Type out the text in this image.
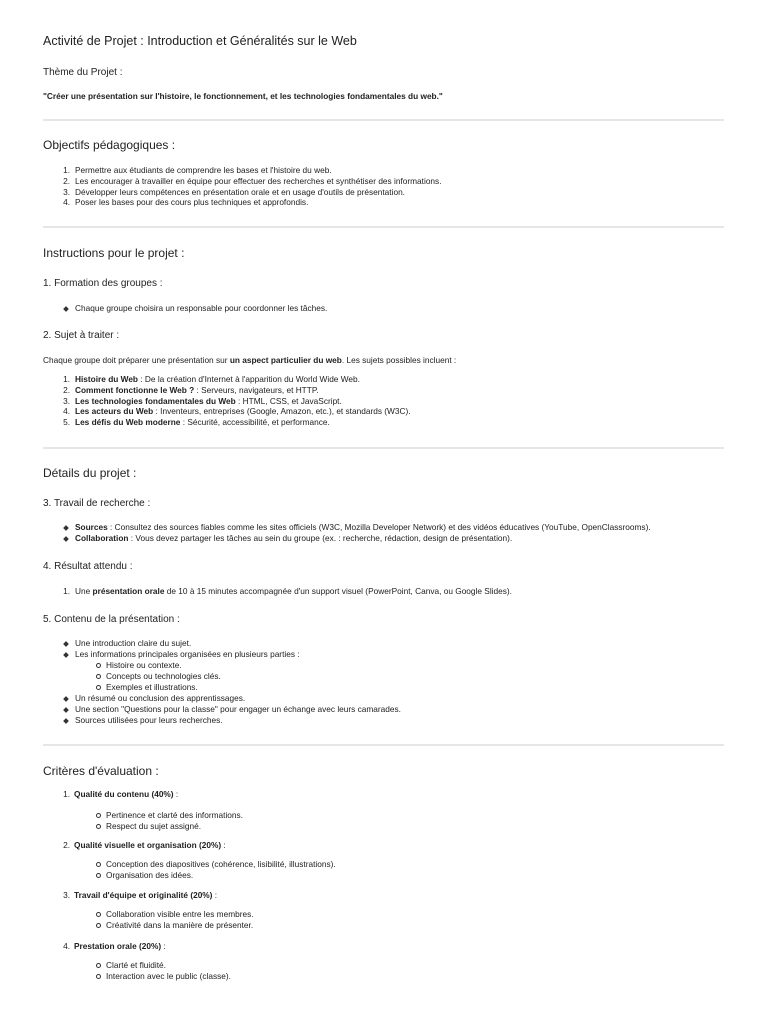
Activité de Projet : Introduction et Généralités sur le Web
Thème du Projet :
"Créer une présentation sur l'histoire, le fonctionnement, et les technologies fondamentales du web."
Objectifs pédagogiques :
1. Permettre aux étudiants de comprendre les bases et l'histoire du web.
2. Les encourager à travailler en équipe pour effectuer des recherches et synthétiser des informations.
3. Développer leurs compétences en présentation orale et en usage d'outils de présentation.
4. Poser les bases pour des cours plus techniques et approfondis.
Instructions pour le projet :
1. Formation des groupes :
Chaque groupe choisira un responsable pour coordonner les tâches.
2. Sujet à traiter :
Chaque groupe doit préparer une présentation sur un aspect particulier du web. Les sujets possibles incluent :
1. Histoire du Web : De la création d'Internet à l'apparition du World Wide Web.
2. Comment fonctionne le Web ? : Serveurs, navigateurs, et HTTP.
3. Les technologies fondamentales du Web : HTML, CSS, et JavaScript.
4. Les acteurs du Web : Inventeurs, entreprises (Google, Amazon, etc.), et standards (W3C).
5. Les défis du Web moderne : Sécurité, accessibilité, et performance.
Détails du projet :
3. Travail de recherche :
Sources : Consultez des sources fiables comme les sites officiels (W3C, Mozilla Developer Network) et des vidéos éducatives (YouTube, OpenClassrooms).
Collaboration : Vous devez partager les tâches au sein du groupe (ex. : recherche, rédaction, design de présentation).
4. Résultat attendu :
1. Une présentation orale de 10 à 15 minutes accompagnée d'un support visuel (PowerPoint, Canva, ou Google Slides).
5. Contenu de la présentation :
Une introduction claire du sujet.
Les informations principales organisées en plusieurs parties :
Histoire ou contexte.
Concepts ou technologies clés.
Exemples et illustrations.
Un résumé ou conclusion des apprentissages.
Une section "Questions pour la classe" pour engager un échange avec leurs camarades.
Sources utilisées pour leurs recherches.
Critères d'évaluation :
1. Qualité du contenu (40%) :
Pertinence et clarté des informations.
Respect du sujet assigné.
2. Qualité visuelle et organisation (20%) :
Conception des diapositives (cohérence, lisibilité, illustrations).
Organisation des idées.
3. Travail d'équipe et originalité (20%) :
Collaboration visible entre les membres.
Créativité dans la manière de présenter.
4. Prestation orale (20%) :
Clarté et fluidité.
Interaction avec le public (classe).
